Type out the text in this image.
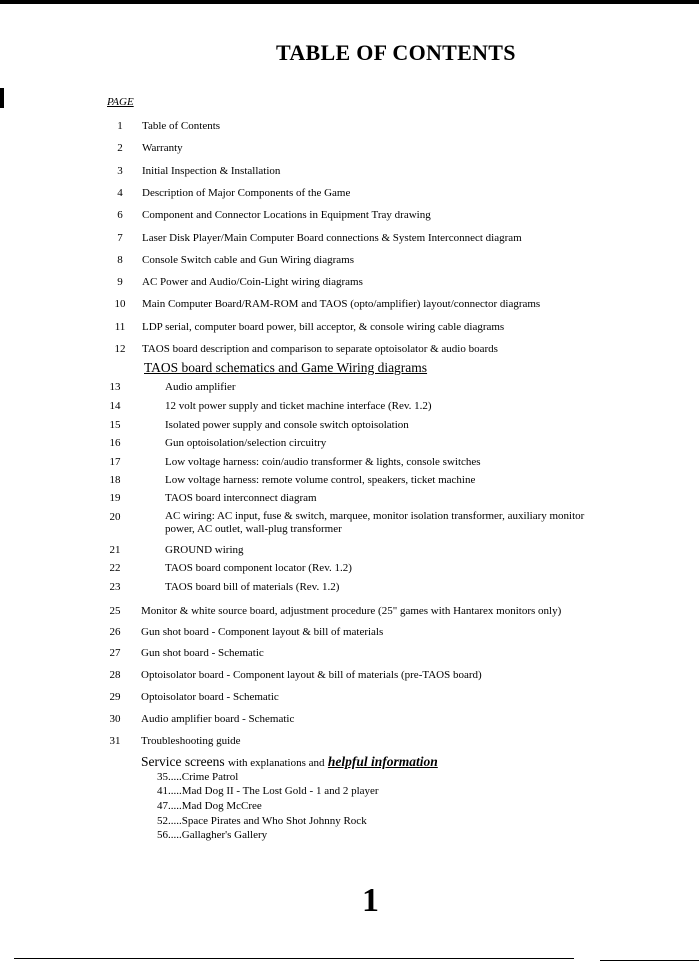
TABLE OF CONTENTS
PAGE
1	Table of Contents
2	Warranty
3	Initial Inspection & Installation
4	Description of Major Components of the Game
6	Component and Connector Locations in Equipment Tray drawing
7	Laser Disk Player/Main Computer Board connections & System Interconnect diagram
8	Console Switch cable and Gun Wiring diagrams
9	AC Power and Audio/Coin-Light wiring diagrams
10	Main Computer Board/RAM-ROM and TAOS (opto/amplifier) layout/connector diagrams
11	LDP serial, computer board power, bill acceptor, & console wiring cable diagrams
12	TAOS board description and comparison to separate optoisolator & audio boards
TAOS board schematics and Game Wiring diagrams
13	Audio amplifier
14	12 volt power supply and ticket machine interface (Rev. 1.2)
15	Isolated power supply and console switch optoisolation
16	Gun optoisolation/selection circuitry
17	Low voltage harness: coin/audio transformer & lights, console switches
18	Low voltage harness: remote volume control, speakers, ticket machine
19	TAOS board interconnect diagram
20	AC wiring: AC input, fuse & switch, marquee, monitor isolation transformer, auxiliary monitor power, AC outlet, wall-plug transformer
21	GROUND wiring
22	TAOS board component locator (Rev. 1.2)
23	TAOS board bill of materials (Rev. 1.2)
25	Monitor & white source board, adjustment procedure (25" games with Hantarex monitors only)
26	Gun shot board - Component layout & bill of materials
27	Gun shot board - Schematic
28	Optoisolator board - Component layout & bill of materials (pre-TAOS board)
29	Optoisolator board - Schematic
30	Audio amplifier board - Schematic
31	Troubleshooting guide
Service screens with explanations and helpful information
35.....Crime Patrol
41.....Mad Dog II - The Lost Gold - 1 and 2 player
47.....Mad Dog McCree
52.....Space Pirates and Who Shot Johnny Rock
56.....Gallagher's Gallery
1
